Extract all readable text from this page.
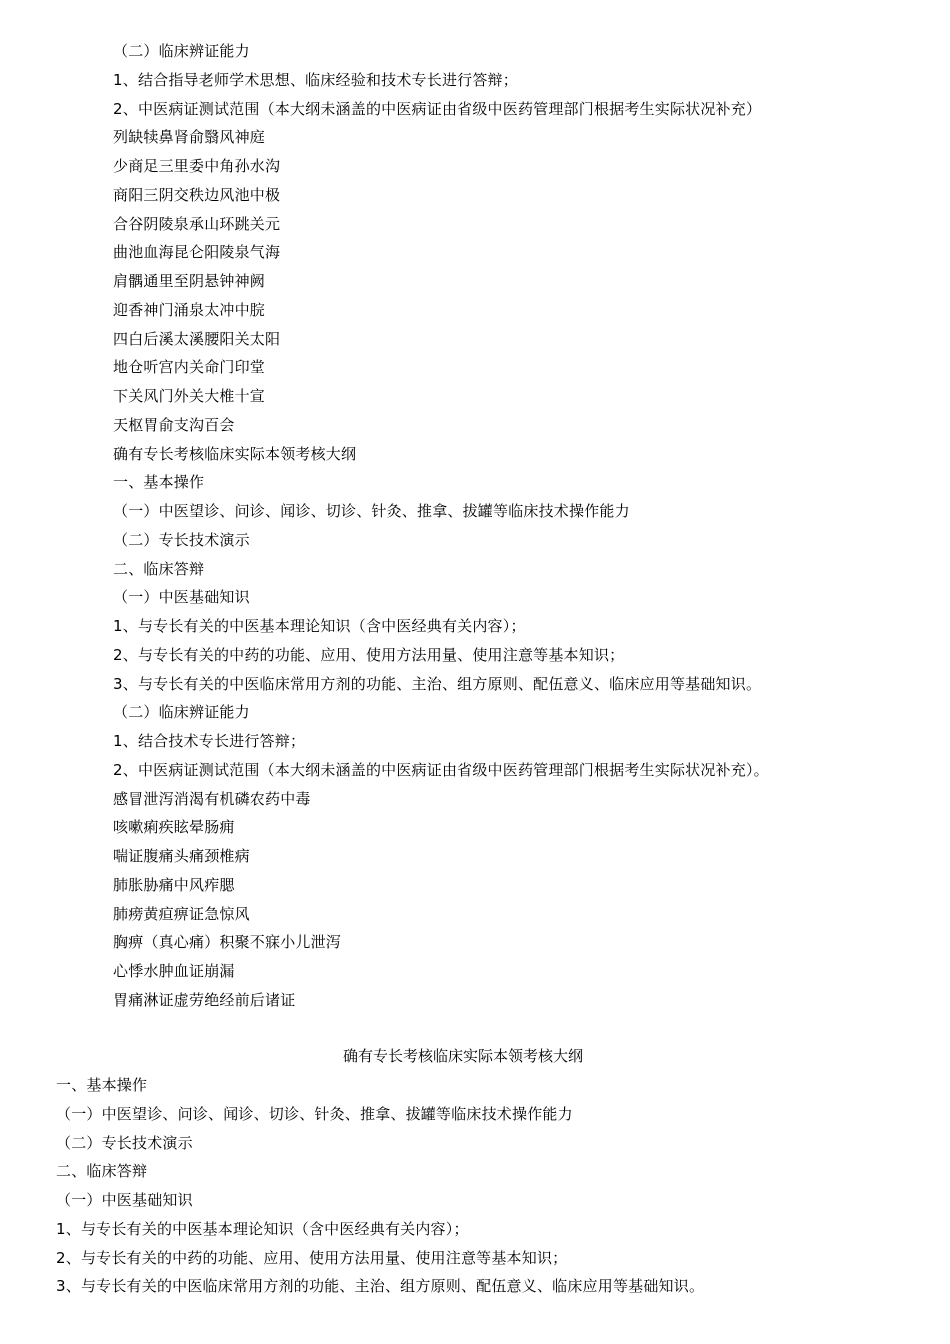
（二）临床辨证能力
1、结合指导老师学术思想、临床经验和技术专长进行答辩；
2、中医病证测试范围（本大纲未涵盖的中医病证由省级中医药管理部门根据考生实际状况补充）
列缺犊鼻肾俞翳风神庭
少商足三里委中角孙水沟
商阳三阴交秩边风池中极
合谷阴陵泉承山环跳关元
曲池血海昆仑阳陵泉气海
肩髃通里至阴悬钟神阙
迎香神门涌泉太冲中脘
四白后溪太溪腰阳关太阳
地仓听宫内关命门印堂
下关风门外关大椎十宣
天枢胃俞支沟百会
确有专长考核临床实际本领考核大纲
一、基本操作
（一）中医望诊、问诊、闻诊、切诊、针灸、推拿、拔罐等临床技术操作能力
（二）专长技术演示
二、临床答辩
（一）中医基础知识
1、与专长有关的中医基本理论知识（含中医经典有关内容）；
2、与专长有关的中药的功能、应用、使用方法用量、使用注意等基本知识；
3、与专长有关的中医临床常用方剂的功能、主治、组方原则、配伍意义、临床应用等基础知识。
（二）临床辨证能力
1、结合技术专长进行答辩；
2、中医病证测试范围（本大纲未涵盖的中医病证由省级中医药管理部门根据考生实际状况补充）。
感冒泄泻消渴有机磷农药中毒
咳嗽痢疾眩晕肠痈
喘证腹痛头痛颈椎病
肺胀胁痛中风痄腮
肺痨黄疸痹证急惊风
胸痹（真心痛）积聚不寐小儿泄泻
心悸水肿血证崩漏
胃痛淋证虚劳绝经前后诸证
确有专长考核临床实际本领考核大纲
一、基本操作
（一）中医望诊、问诊、闻诊、切诊、针灸、推拿、拔罐等临床技术操作能力
（二）专长技术演示
二、临床答辩
（一）中医基础知识
1、与专长有关的中医基本理论知识（含中医经典有关内容）；
2、与专长有关的中药的功能、应用、使用方法用量、使用注意等基本知识；
3、与专长有关的中医临床常用方剂的功能、主治、组方原则、配伍意义、临床应用等基础知识。
